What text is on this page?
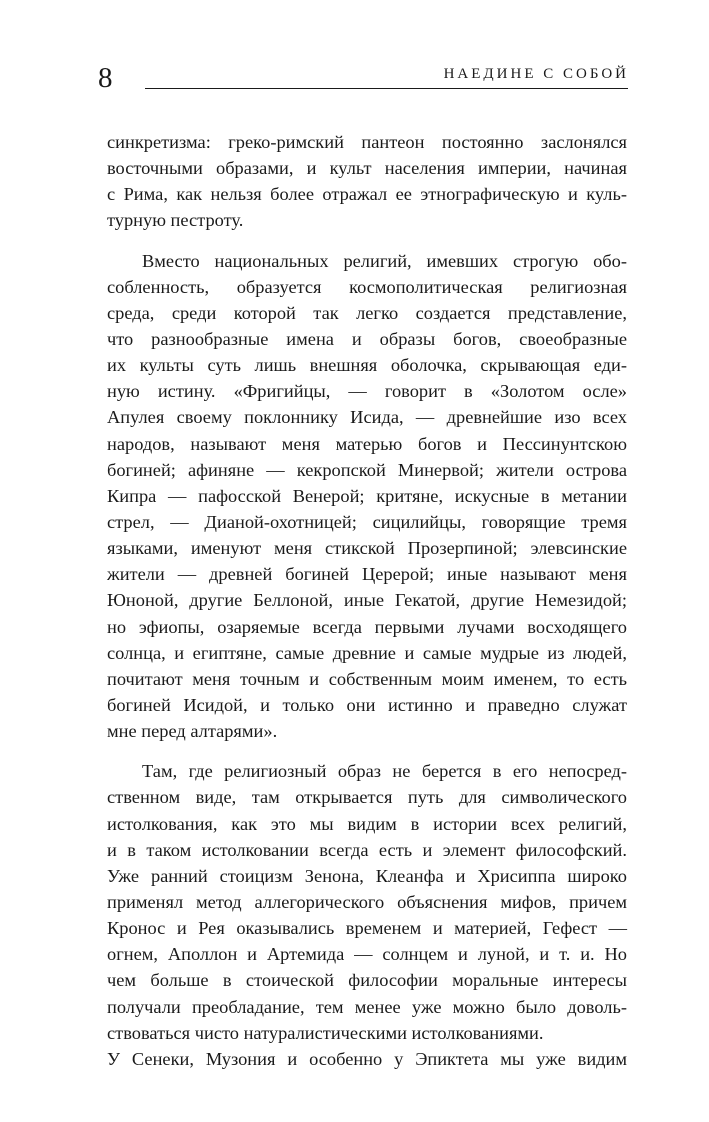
8	НАЕДИНЕ С СОБОЙ

синкретизма: греко-римский пантеон постоянно заслонялся
восточными образами, и культ населения империи, начиная
с Рима, как нельзя более отражал ее этнографическую и куль-
турную пестроту.

Вместо национальных религий, имевших строгую обо-
собленность, образуется космополитическая религиозная
среда, среди которой так легко создается представление,
что разнообразные имена и образы богов, своеобразные
их культы суть лишь внешняя оболочка, скрывающая еди-
ную истину. «Фригийцы, — говорит в «Золотом осле»
Апулея своему поклоннику Исида, — древнейшие изо всех
народов, называют меня матерью богов и Пессинунтскою
богиней; афиняне — кекропской Минервой; жители острова
Кипра — пафосской Венерой; критяне, искусные в метании
стрел, — Дианой-охотницей; сицилийцы, говорящие тремя
языками, именуют меня стикской Прозерпиной; элевсинские
жители — древней богиней Церерой; иные называют меня
Юноной, другие Беллоной, иные Гекатой, другие Немезидой;
но эфиопы, озаряемые всегда первыми лучами восходящего
солнца, и египтяне, самые древние и самые мудрые из людей,
почитают меня точным и собственным моим именем, то есть
богиней Исидой, и только они истинно и праведно служат
мне перед алтарями».

Там, где религиозный образ не берется в его непосред-
ственном виде, там открывается путь для символического
истолкования, как это мы видим в истории всех религий,
и в таком истолковании всегда есть и элемент философский.
Уже ранний стоицизм Зенона, Клеанфа и Хрисиппа широко
применял метод аллегорического объяснения мифов, причем
Кронос и Рея оказывались временем и материей, Гефест —
огнем, Аполлон и Артемида — солнцем и луной, и т. и. Но
чем больше в стоической философии моральные интересы
получали преобладание, тем менее уже можно было доволь-
ствоваться чисто натуралистическими истолкованиями.
У Сенеки, Музония и особенно у Эпиктета мы уже видим
